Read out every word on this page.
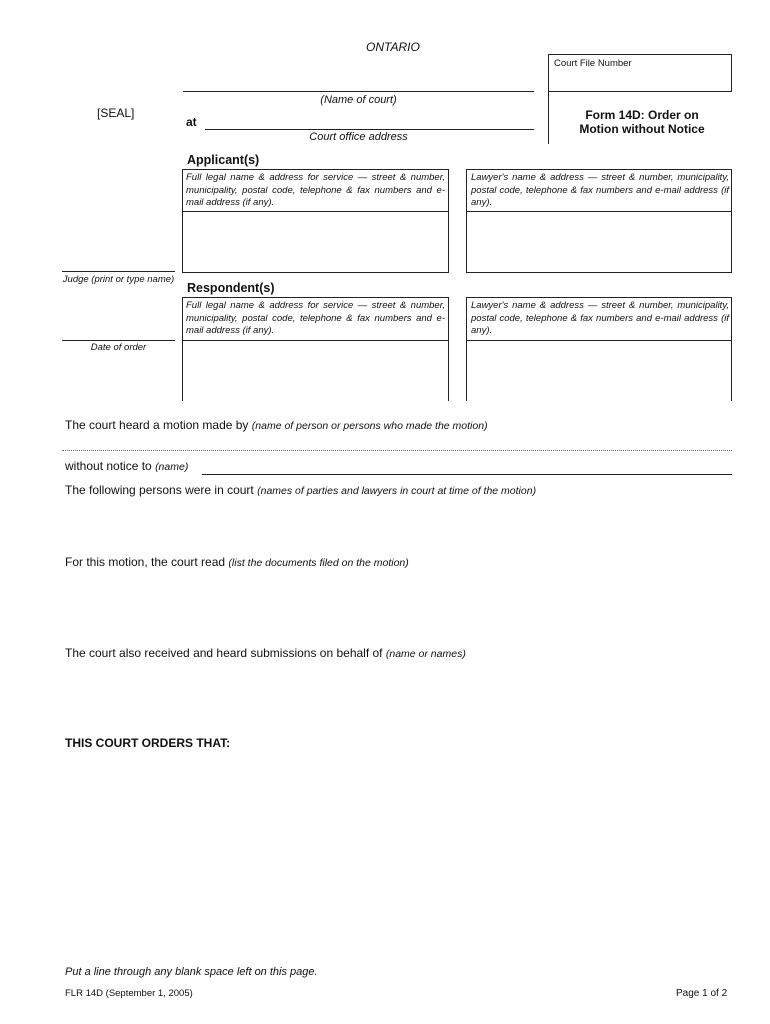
ONTARIO
Court File Number
[SEAL]
(Name of court)
at
Court office address
Form 14D: Order on
Motion without Notice
Applicant(s)
Full legal name & address for service — street & number, municipality, postal code, telephone & fax numbers and e-mail address (if any).
Lawyer's name & address — street & number, municipality, postal code, telephone & fax numbers and e-mail address (if any).
Judge (print or type name)
Date of order
Respondent(s)
Full legal name & address for service — street & number, municipality, postal code, telephone & fax numbers and e-mail address (if any).
Lawyer's name & address — street & number, municipality, postal code, telephone & fax numbers and e-mail address (if any).
The court heard a motion made by (name of person or persons who made the motion)
without notice to (name)
The following persons were in court (names of parties and lawyers in court at time of the motion)
For this motion, the court read (list the documents filed on the motion)
The court also received and heard submissions on behalf of (name or names)
THIS COURT ORDERS THAT:
Put a line through any blank space left on this page.
FLR 14D (September 1, 2005)	Page 1 of 2
